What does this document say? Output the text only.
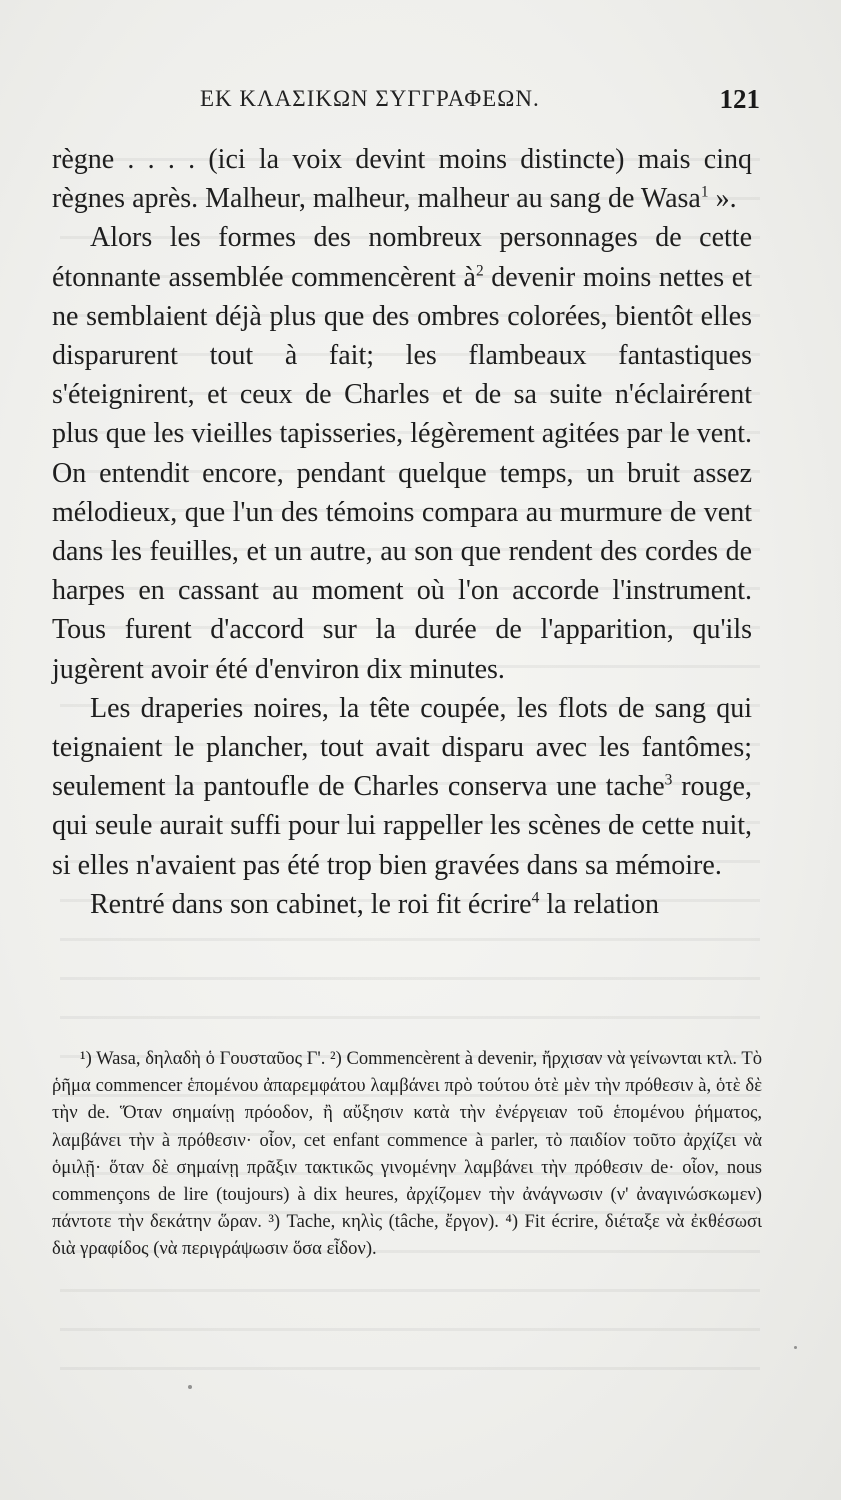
ΕΚ ΚΛΑΣΙΚΩΝ ΣΥΓΓΡΑΦΕΩΝ.	121

règne . . . . (ici la voix devint moins distincte) mais cinq règnes après. Malheur, malheur, malheur au sang de Wasa$^1$ ».

Alors les formes des nombreux personnages de cette étonnante assemblée commencèrent $à^2$ devenir moins nettes et ne semblaient déjà plus que des ombres colorées, bientôt elles disparurent tout à fait; les flambeaux fantastiques s'éteignirent, et ceux de Charles et de sa suite n'éclairérent plus que les vieilles tapisseries, légèrement agitées par le vent. On entendit encore, pendant quelque temps, un bruit assez mélodieux, que l'un des témoins compara au murmure de vent dans les feuilles, et un autre, au son que rendent des cordes de harpes en cassant au moment où l'on accorde l'instrument. Tous furent d'accord sur la durée de l'apparition, qu'ils jugèrent avoir été d'environ dix minutes.

Les draperies noires, la tête coupée, les flots de sang qui teignaient le plancher, tout avait disparu avec les fantômes; seulement la pantoufle de Charles conserva une tache$^3$ rouge, qui seule aurait suffi pour lui rappeller les scènes de cette nuit, si elles n'avaient pas été trop bien gravées dans sa mémoire.

Rentré dans son cabinet, le roi fit écrire$^4$ la relation

¹) Wasa, δηλαδὴ ὁ Γουσταῦος Γ'. ²) Commencèrent à devenir, ἤρχισαν νὰ γείνωνται κτλ. Τὸ ῥῆμα commencer ἑπομένου ἀπαρεμφάτου λαμβάνει πρὸ τούτου ὁτὲ μὲν τὴν πρόθεσιν à, ὁτὲ δὲ τὴν de. Ὅταν σημαίνῃ πρόοδον, ἢ αὔξησιν κατὰ τὴν ἐνέργειαν τοῦ ἑπομένου ῥήματος, λαμβάνει τὴν à πρόθεσιν· οἷον, cet enfant commence à parler, τὸ παιδίον τοῦτο ἀρχίζει νὰ ὁμιλῇ· ὅταν δὲ σημαίνῃ πρᾶξιν τακτικῶς γινομένην λαμβάνει τὴν πρόθεσιν de· οἷον, nous commençons de lire (toujours) à dix heures, ἀρχίζομεν τὴν ἀνάγνωσιν (ν' ἀναγινώσκωμεν) πάντοτε τὴν δεκάτην ὥραν. ³) Tache, κηλὶς (tâche, ἔργον). ⁴) Fit écrire, διέταξε νὰ ἐκθέσωσι διὰ γραφίδος (νὰ περιγράψωσιν ὅσα εἶδον).
